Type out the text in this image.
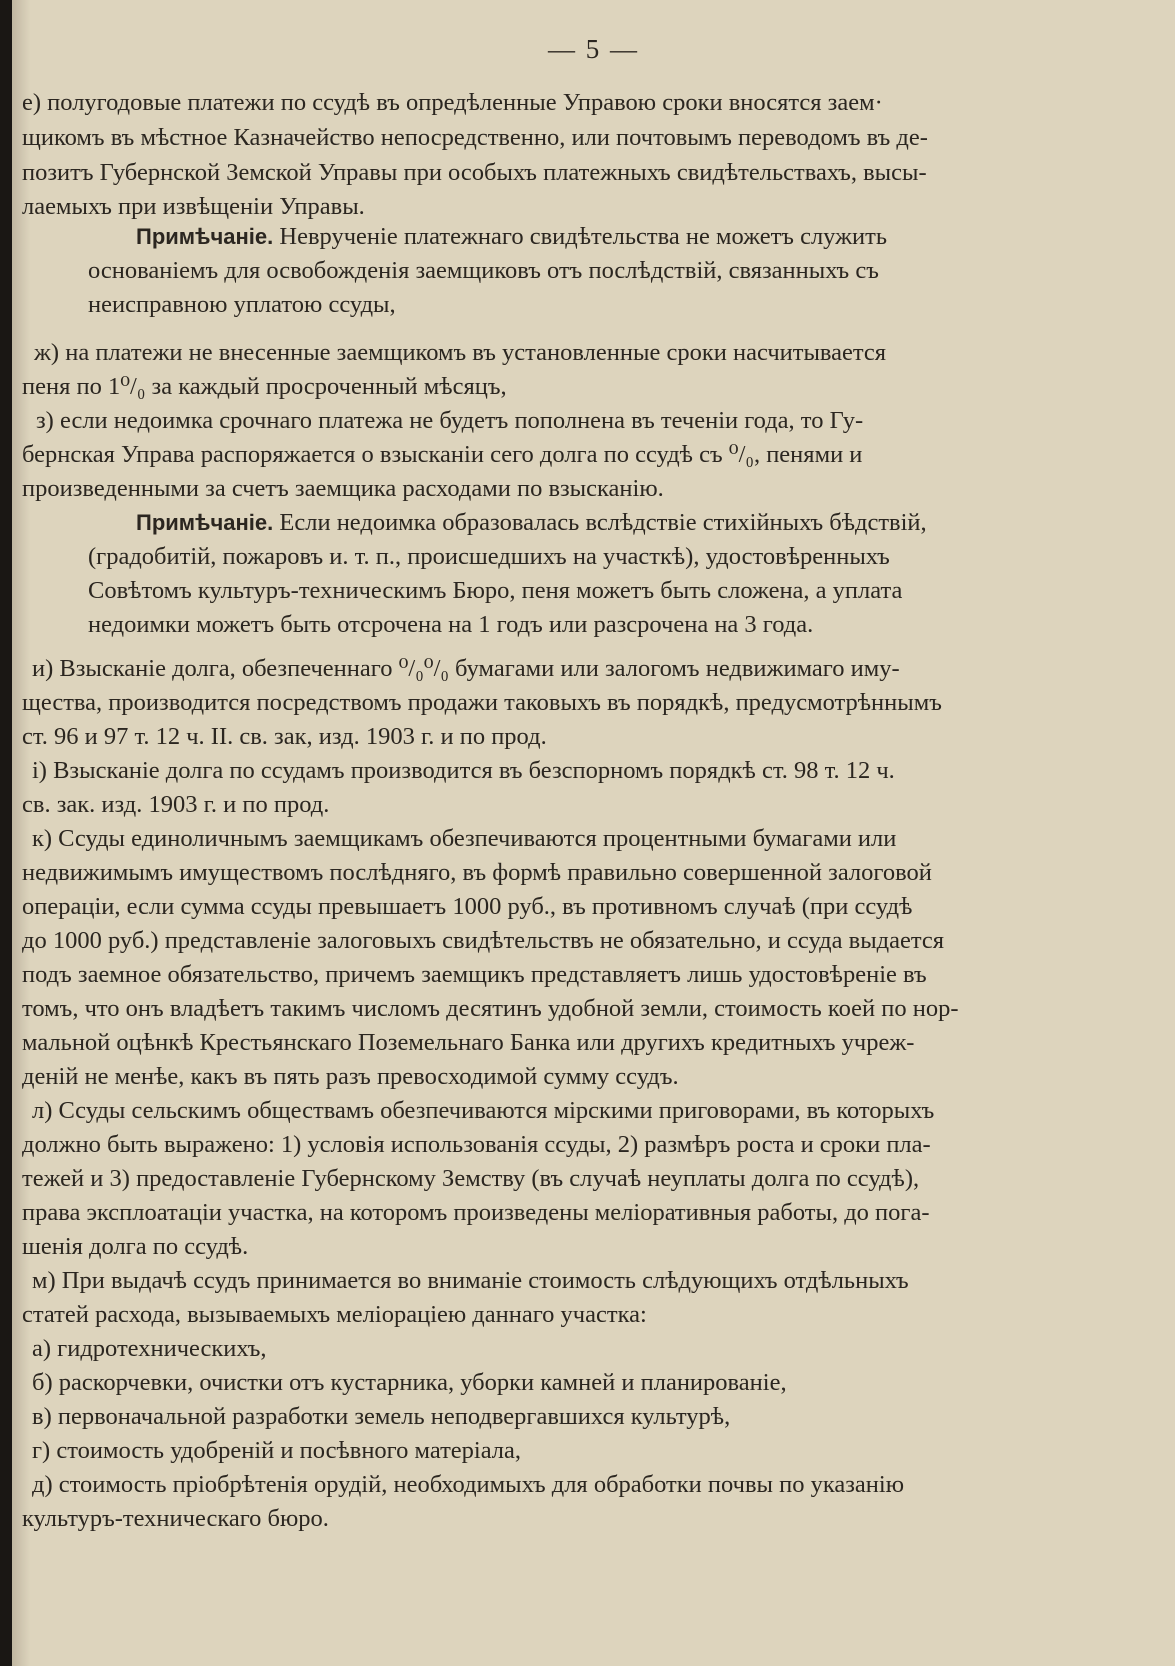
— 5 —
е) полугодовые платежи по ссудѣ въ опредѣленные Управою сроки вносятся заем·
щикомъ въ мѣстное Казначейство непосредственно, или почтовымъ переводомъ въ де-
позитъ Губернской Земской Управы при особыхъ платежныхъ свидѣтельствахъ, высы-
лаемыхъ при извѣщеніи Управы.
Примѣчаніе. Неврученіе платежнаго свидѣтельства не можетъ служить
основаніемъ для освобожденія заемщиковъ отъ послѣдствій, связанныхъ съ
неисправною уплатою ссуды,
ж) на платежи не внесенные заемщикомъ въ установленные сроки насчитывается
пеня по 1⁰/₀ за каждый просроченный мѣсяцъ,
з) если недоимка срочнаго платежа не будетъ пополнена въ теченіи года, то Гу-
бернская Управа распоряжается о взысканіи сего долга по ссудѣ съ ⁰/₀, пенями и
произведенными за счетъ заемщика расходами по взысканію.
Примѣчаніе. Если недоимка образовалась вслѣдствіе стихійныхъ бѣдствій,
(градобитій, пожаровъ и. т. п., происшедшихъ на участкѣ), удостовѣренныхъ
Совѣтомъ культуръ-техническимъ Бюро, пеня можетъ быть сложена, а уплата
недоимки можетъ быть отсрочена на 1 годъ или разсрочена на 3 года.
и) Взысканіе долга, обезпеченнаго ⁰/₀⁰/₀ бумагами или залогомъ недвижимаго иму-
щества, производится посредствомъ продажи таковыхъ въ порядкѣ, предусмотрѣннымъ
ст. 96 и 97 т. 12 ч. II. св. зак, изд. 1903 г. и по прод.
і) Взысканіе долга по ссудамъ производится въ безспорномъ порядкѣ ст. 98 т. 12 ч.
св. зак. изд. 1903 г. и по прод.
к) Ссуды единоличнымъ заемщикамъ обезпечиваются процентными бумагами или
недвижимымъ имуществомъ послѣдняго, въ формѣ правильно совершенной залоговой
операціи, если сумма ссуды превышаетъ 1000 руб., въ противномъ случаѣ (при ссудѣ
до 1000 руб.) представленіе залоговыхъ свидѣтельствъ не обязательно, и ссуда выдается
подъ заемное обязательство, причемъ заемщикъ представляетъ лишь удостовѣреніе въ
томъ, что онъ владѣетъ такимъ числомъ десятинъ удобной земли, стоимость коей по нор-
мальной оцѣнкѣ Крестьянскаго Поземельнаго Банка или другихъ кредитныхъ учреж-
деній не менѣе, какъ въ пять разъ превосходимой сумму ссудъ.
л) Ссуды сельскимъ обществамъ обезпечиваются мірскими приговорами, въ которыхъ
должно быть выражено: 1) условія использованія ссуды, 2) размѣръ роста и сроки пла-
тежей и 3) предоставленіе Губернскому Земству (въ случаѣ неуплаты долга по ссудѣ),
права эксплоатаціи участка, на которомъ произведены меліоративныя работы, до пога-
шенія долга по ссудѣ.
м) При выдачѣ ссудъ принимается во вниманіе стоимость слѣдующихъ отдѣльныхъ
статей расхода, вызываемыхъ меліораціею даннаго участка:
а) гидротехническихъ,
б) раскорчевки, очистки отъ кустарника, уборки камней и планированіе,
в) первоначальной разработки земель неподвергавшихся культурѣ,
г) стоимость удобреній и посѣвного матеріала,
д) стоимость пріобрѣтенія орудій, необходимыхъ для обработки почвы по указанію
культуръ-техническаго бюро.
